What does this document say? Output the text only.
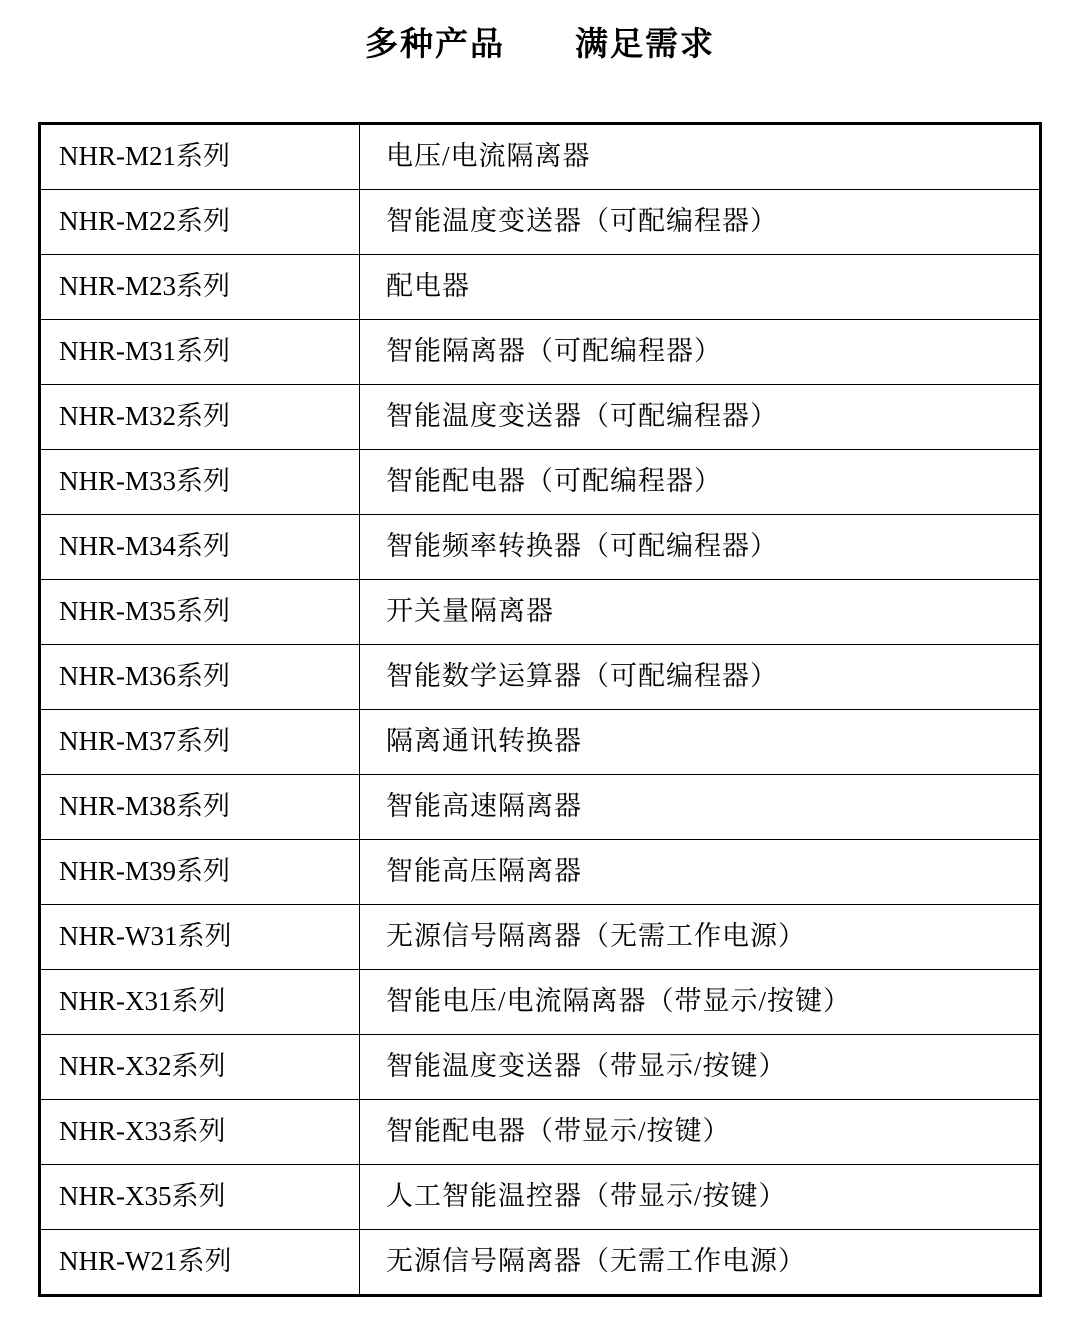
多种产品　　满足需求
NHR-M21系列	电压/电流隔离器
NHR-M22系列	智能温度变送器（可配编程器）
NHR-M23系列	配电器
NHR-M31系列	智能隔离器（可配编程器）
NHR-M32系列	智能温度变送器（可配编程器）
NHR-M33系列	智能配电器（可配编程器）
NHR-M34系列	智能频率转换器（可配编程器）
NHR-M35系列	开关量隔离器
NHR-M36系列	智能数学运算器（可配编程器）
NHR-M37系列	隔离通讯转换器
NHR-M38系列	智能高速隔离器
NHR-M39系列	智能高压隔离器
NHR-W31系列	无源信号隔离器（无需工作电源）
NHR-X31系列	智能电压/电流隔离器（带显示/按键）
NHR-X32系列	智能温度变送器（带显示/按键）
NHR-X33系列	智能配电器（带显示/按键）
NHR-X35系列	人工智能温控器（带显示/按键）
NHR-W21系列	无源信号隔离器（无需工作电源）
